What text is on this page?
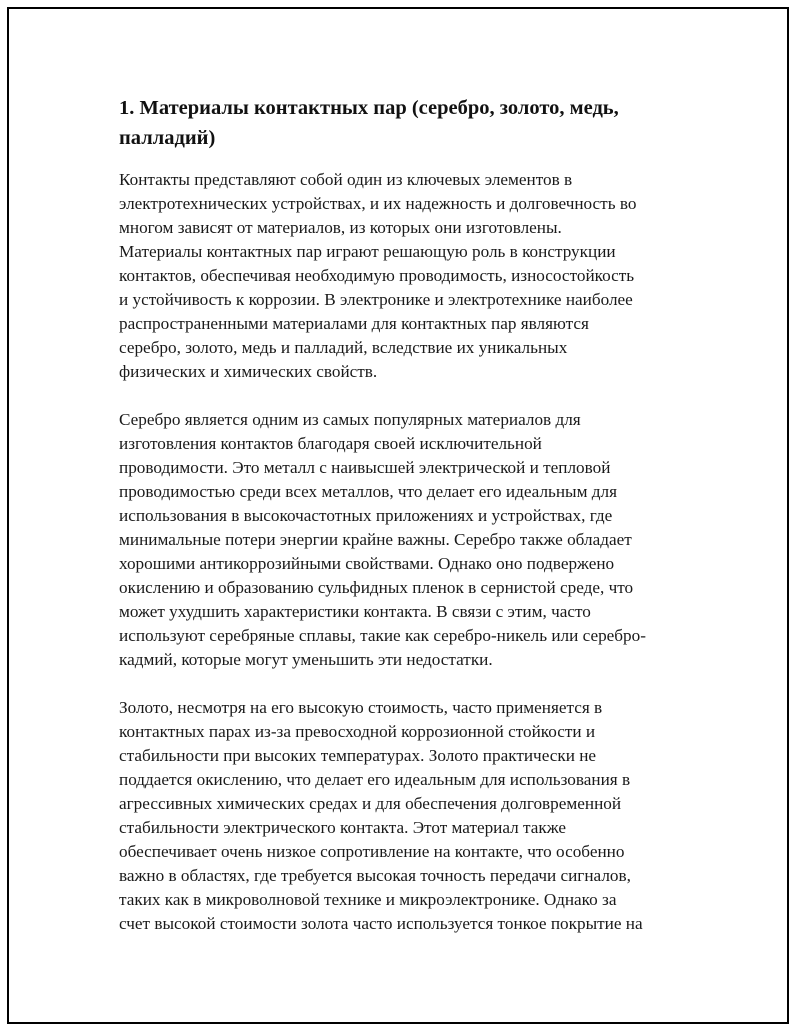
1. Материалы контактных пар (серебро, золото, медь,
палладий)

Контакты представляют собой один из ключевых элементов в
электротехнических устройствах, и их надежность и долговечность во
многом зависят от материалов, из которых они изготовлены.
Материалы контактных пар играют решающую роль в конструкции
контактов, обеспечивая необходимую проводимость, износостойкость
и устойчивость к коррозии. В электронике и электротехнике наиболее
распространенными материалами для контактных пар являются
серебро, золото, медь и палладий, вследствие их уникальных
физических и химических свойств.

Серебро является одним из самых популярных материалов для
изготовления контактов благодаря своей исключительной
проводимости. Это металл с наивысшей электрической и тепловой
проводимостью среди всех металлов, что делает его идеальным для
использования в высокочастотных приложениях и устройствах, где
минимальные потери энергии крайне важны. Серебро также обладает
хорошими антикоррозийными свойствами. Однако оно подвержено
окислению и образованию сульфидных пленок в сернистой среде, что
может ухудшить характеристики контакта. В связи с этим, часто
используют серебряные сплавы, такие как серебро-никель или серебро-
кадмий, которые могут уменьшить эти недостатки.

Золото, несмотря на его высокую стоимость, часто применяется в
контактных парах из-за превосходной коррозионной стойкости и
стабильности при высоких температурах. Золото практически не
поддается окислению, что делает его идеальным для использования в
агрессивных химических средах и для обеспечения долговременной
стабильности электрического контакта. Этот материал также
обеспечивает очень низкое сопротивление на контакте, что особенно
важно в областях, где требуется высокая точность передачи сигналов,
таких как в микроволновой технике и микроэлектронике. Однако за
счет высокой стоимости золота часто используется тонкое покрытие на
